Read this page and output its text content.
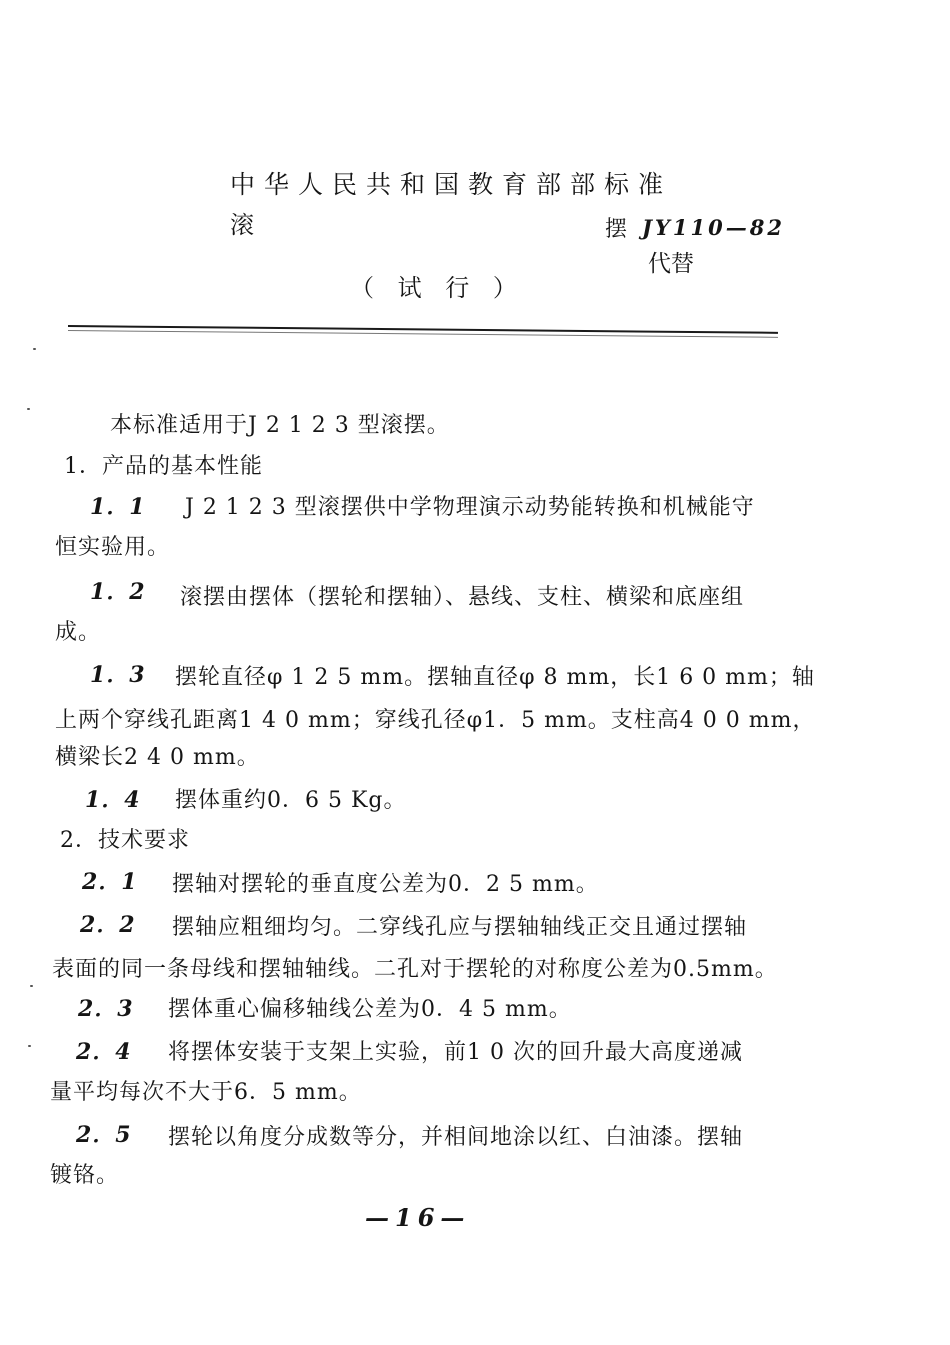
中华人民共和国教育部部标准
滚	摆 JY110—82
代替
（ 试 行 ）
本标准适用于J 2 1 2 3 型滚摆。
1．产品的基本性能
1．1 J 2 1 2 3 型滚摆供中学物理演示动势能转换和机械能守
恒实验用。
1．2 滚摆由摆体（摆轮和摆轴）、悬线、支柱、横梁和底座组
成。
1．3 摆轮直径φ 1 2 5 mm。摆轴直径φ 8 mm，长1 6 0 mm；轴
上两个穿线孔距离1 4 0 mm；穿线孔径φ1．5 mm。支柱高4 0 0 mm，
横梁长2 4 0 mm。
1．4 摆体重约0．6 5 Kg。
2．技术要求
2．1 摆轴对摆轮的垂直度公差为0．2 5 mm。
2．2 摆轴应粗细均匀。二穿线孔应与摆轴轴线正交且通过摆轴
表面的同一条母线和摆轴轴线。二孔对于摆轮的对称度公差为0.5mm。
2．3 摆体重心偏移轴线公差为0．4 5 mm。
2．4 将摆体安装于支架上实验，前1 0 次的回升最大高度递减
量平均每次不大于6．5 mm。
2．5 摆轮以角度分成数等分，并相间地涂以红、白油漆。摆轴
镀铬。
—16—
